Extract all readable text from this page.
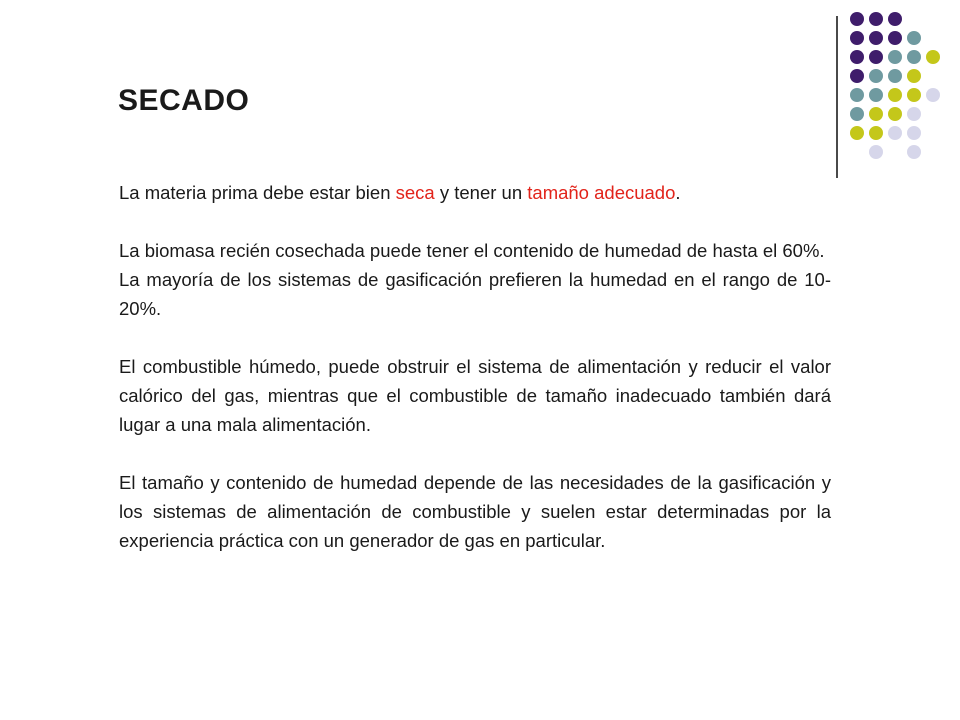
SECADO

La materia prima debe estar bien seca y tener un tamaño adecuado.

La biomasa recién cosechada puede tener el contenido de humedad de hasta el 60%.

La mayoría de los sistemas de gasificación prefieren la humedad en el rango de 10-20%.

El combustible húmedo, puede obstruir el sistema de alimentación y reducir el valor calórico del gas, mientras que el combustible de tamaño inadecuado también dará lugar a una mala alimentación.

El tamaño y contenido de humedad depende de las necesidades de la gasificación y los sistemas de alimentación de combustible y suelen estar determinadas por la experiencia práctica con un generador de gas en particular.
